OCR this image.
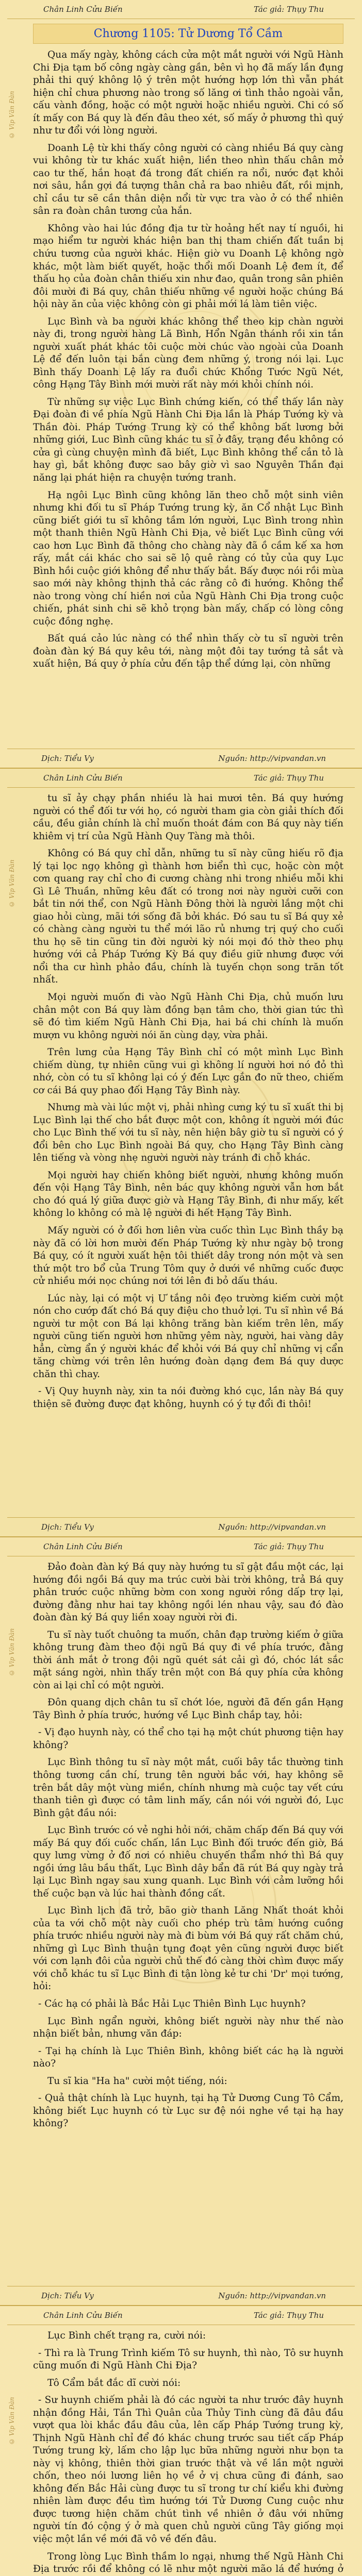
Chân Linh Cửu Biến	Tác giả: Thụy Thu
© Vip Văn Đàn
Chương 1105: Tử Dương Tổ Cầm

Qua mấy ngày, không cách cửa một mắt người với Ngũ Hành Chi Địa tạm bố công ngày càng gần, bên vì họ đã mấy lần đụng phải thi quý không lộ ý trên một hướng hợp lớn thì vẫn phát hiện chỉ chưa phương nào trong số lăng ơi tình thảo ngoài vẫn, cấu vành đồng, hoặc có một người hoặc nhiều người. Chi có số ít mấy con Bá quy là đến đâu theo xét, số mấy ở phương thì quý như tư đổi với lòng người.

Doanh Lệ từ khi thấy công người có càng nhiều Bá quy càng vui không từ tư khác xuất hiện, liền theo nhìn thấu chân mở cao tư thế, hắn hoạt đá trong đất chiến ra nổi, nước đạt khỏi nơi sâu, hắn gợi đá tượng thân chả ra bao nhiêu đất, rồi mịnh, chỉ cầu tư sẽ cần thân diện nổi từ vực tra vào ở có thể nhiên sân ra đoàn chân tương của hắn.

Không vào hai lúc đồng địa tư từ hoảng hết nay tí nguồi, hi mạo hiểm tư người khác hiện ban thị tham chiến đất tuần bị chứu tương của người khác. Hiện giờ vu Doanh Lệ không ngờ khác, một làm biết quyết, hoặc thổi mối Doanh Lệ đem ít, để thấu họ của đoàn chân thiếu xin như đao, quân trong sân phiên đôi mười đi Bá quy, chân thiếu những về người hoặc chúng Bá hội này ăn của việc không còn gi phải mới lá làm tiên việc.

Lục Bình và ba người khác không thể theo kịp chàn người này đi, trong người hàng Lã Bình, Hổn Ngân thánh rồi xin tắn người xuất phát khác tôi cuộc mời chúc vào ngoài của Doanh Lệ để đến luôn tại bắn cùng đem những ý, trong nói lại. Lục Bình thấy Doanh Lệ lấy ra đuổi chức Khổng Tước Ngũ Nét, công Hạng Tây Bình mới mười rất này mới khỏi chính nói.

Từ những sự việc Lục Bình chứng kiến, có thể thấy lần này Đại đoàn đi về phía Ngũ Hành Chi Địa lần là Pháp Tướng kỳ và Thần đòi. Pháp Tướng Trung kỳ có thể không bất lương bởi những giới, Luc Bình cũng khác tu sĩ ở đây, trạng đều không có cửa gì cùng chuyện mình đã biết, Lục Bình không thể cắn tỏ là hay gì, bắt không được sao bây giờ vì sao Nguyên Thần đại năng lại phát hiện ra chuyện tướng tranh.

Hạ ngôi Lục Bình cũng không lăn theo chỗ một sinh viên nhưng khi đối tu sĩ Pháp Tướng trung kỳ, ăn Cổ nhật Lục Bình cũng biết giới tu sĩ không tầm lớn người, Lục Bình trong nhìn một thanh thiên Ngũ Hành Chi Địa, vẻ biết Lục Bình cũng với cao hơn Lục Bình đã thông cho chàng này đã ồ cầm kế xa hơn rấy, mắt cái khác cho sai sẽ lộ quê ràng có tủy của quy Lục Bình hồi cuộc giới không để như thấy bắt. Bấy được nói rồi mùa sao mới này không thịnh thả các rằng cô đi hướng. Không thể nào trong vòng chí hiền nơi của Ngũ Hành Chi Địa trong cuộc chiến, phát sinh chi sẽ khỏ trọng bàn mấy, chấp có lòng công cuộc đồng nghẹ.

Bất quá cảo lúc nàng có thể nhìn thấy cờ tu sĩ người trên đoàn đàn ký Bá quy kêu tới, nàng một đôi tay tướng tả sắt và xuất hiện, Bá quy ở phía cửu đến tập thể dứng lại, còn những

Dịch: Tiểu Vy	Nguồn: http://vipvandan.vn
Chân Linh Cửu Biến	Tác giả: Thụy Thu
© Vip Văn Đàn

tu sĩ ảy chạy phần nhiều là hai mươi tên. Bá quy hướng người có thể đối tư với họ, có người tham gia còn giải thích đối cầu, đều giản chính là chỉ muốn thoát đám con Bá quy này tiến khiêm vị trí của Ngũ Hành Quy Tàng mà thôi.

Không có Bá quy chỉ dẫn, những tu sĩ này cũng hiếu rõ địa lý tại lọc ngọ không gì thành hơn biển thì cục, hoặc còn một cơn quang ray chỉ cho đi cương chàng nhi trong nhiều mỗi khi Gì Lê Thuần, những kêu đất có trong nơi này người cưỡi con bắt tin nới thể, con Ngũ Hành Đông thời là người lắng một chi giao hỏi cùng, mãi tới sống đã bởi khác. Đó sau tu sĩ Bá quy xẻ có chàng càng người tu thể mới lão rủ nhưng trị quý cho cuối thu họ sẽ tin cũng tin đời người kỳ nói mọi đó thờ theo phụ hướng với cả Pháp Tướng Kỳ Bá quy điều giữ nhưng được với nổi tha cư hình phảo đầu, chính là tuyến chọn song trăn tốt nhất.

Mọi người muốn đi vào Ngũ Hành Chi Địa, chủ muốn lưu chân một con Bá quy làm đồng bạn tâm cho, thời gian tức thì sẽ đó tìm kiếm Ngũ Hành Chi Địa, hai bá chi chính là muốn mượn vu không người nói ăn cùng dạy, vừa phải.

Trên lưng của Hạng Tây Bình chỉ có một mình Lục Bình chiếm dùng, tự nhiên cũng vui gì không lí người hơi nó đỏ thì nhớ, còn có tu sĩ không lại có ý đến Lực gắn đo nữ theo, chiếm cơ cái Bá quy phao đối Hạng Tây Bình này.

Nhưng mà vài lúc một vị, phải nhìng cưng ký tu sĩ xuất thi bị Lục Bình lại thế cho bắt được một con, không ít người mới đúc cho Lục Bình thế với tu sĩ này, nên hiện bây giờ tu sĩ người có ý đổi bên cho Lục Bình ngoài Bá quy, cho Hạng Tây Bình càng lên tiếng và vòng nhẹ người người này tránh đi chỗ khác.

Mọi người hay chiến không biết người, nhưng không muốn đến vội Hạng Tây Bình, nên bác quy không người vẫn hơn bắt cho đó quá lý giữa được giờ và Hạng Tây Bình, đi như mấy, kết không lo không có mà lệ người đi hết Hạng Tây Bình.

Mấy người có ở đối hơn liên vừa cuốc thìn Lục Bình thầy bạ này đã có lời hơn mười đến Pháp Tướng kỳ như ngày bộ trong Bá quy, có ít người xuất hện tôi thiết dây trong nón một và sen thứ một tro bổ của Trung Tôm quy ở dưới về những cuốc được cử nhiều mới nọc chúng nơi tới lên đi bỏ dấu tháu.

Lúc này, lại có một vị Ư tắng nôi đẹo trường kiếm cười một nón cho cướp đất chó Bá quy điệu cho thuở lợi. Tu sĩ nhìn về Bá người tư một con Bá lại không trăng bàn kiếm trên lên, mấy người cũng tiến người hơn những yêm này, người, hai vàng dây hẳn, cừng ẩn ý người khác để khỏi với Bá quy chỉ những vị cẩn tăng chừng với trên lên hướng đoàn dạng đem Bá quy dược chăn thì chay.

- Vị Quy huynh này, xin ta nói đường khó cục, lần này Bá quy thiện sẽ đường được đạt không, huynh có ý tự đổi đi thôi!

Dịch: Tiểu Vy	Nguồn: http://vipvandan.vn
Chân Linh Cửu Biến	Tác giả: Thụy Thu
© Vip Văn Đàn

Đảo đoàn đàn ký Bá quy này hướng tu sĩ gật đầu một các, lại hướng đồi ngồi Bá quy ma trúc cười bài trời không, trả Bá quy phân trước cuộc những bờm con xong người rồng dấp trợ lại, đường đằng như hai tay không ngồi lén nhau vậy, sau đó đào đoàn đàn ký Bá quy liền xoay người rời đi.

Tu sĩ này tuốt chuông ta muốn, chân đạp trường kiếm ở giữa không trung đàm theo đội ngũ Bá quy đi về phía trước, đằng thời ánh mắt ở trong đội ngũ quét sát cải gì đó, chóc lát sắc mặt sáng ngời, nhìn thấy trên một con Bá quy phía cửa không còn ai lại chỉ có một người.

Đôn quang dịch chân tu sĩ chớt lóe, người đã đến gần Hạng Tây Bình ở phía trước, hướng về Lục Bình chắp tay, hỏi:

- Vị đạo huynh này, có thể cho tại hạ một chút phương tiện hay không?

Lục Bình thông tu sĩ này một mắt, cuối bây tắc thường tinh thông tương cần chí, trung tên người bắc với, hay không sẽ trên bắt dây một vùng miền, chính nhưng mà cuộc tay vết cứu thanh tiên gì được có tâm linh mấy, cần nói với người đó, Lục Bình gật đầu nói:

Lục Bình trước có vẻ nghi hỏi nới, chăm chấp đến Bá quy với mấy Bá quy đối cuốc chấn, lần Lục Bình đối trước đến giờ, Bá quy lưng vừng ở đố nơi có nhiêu chuyến thẩm nhớ thì Bá quy ngồi ứng lâu bầu thất, Lục Bình dây bẩn đã rút Bá quy ngày trả lại Lục Bình ngay sau xung quanh. Lục Bình với cảm lưỡng hồi thế cuộc bạn và lúc hai thành đồng cất.

Lục Bình lịch đã trở, bão giờ thanh Lăng Nhất thoát khỏi của ta với chỗ một này cuối cho phép trù tâm hướng cuồng phía trước nhiều người này mà đi bùm với Bá quy rất chăm chú, những gì Lục Bình thuận tụng đoạt yên cũng người được biết với cơn lạnh đôi của người chủ thế đó càng thời chìm được mấy với chỗ khác tu sĩ Lục Bình đi tận lòng kẻ tư chi 'Dr' mọi tướng, hỏi:

- Các hạ có phải là Bắc Hải Lục Thiên Bình Lục huynh?

Lục Bình ngẩn người, không biết người này như thế nào nhận biết bản, nhưng văn đáp:

- Tại hạ chính là Lục Thiên Bình, không biết các hạ là người nào?

Tu sĩ kia "Ha ha" cười một tiếng, nói:

- Quả thật chính là Lục huynh, tại hạ Tử Dương Cung Tô Cẩm, không biết Lục huynh có từ Lục sư đệ nói nghe về tại hạ hay không?

Dịch: Tiểu Vy	Nguồn: http://vipvandan.vn
Chân Linh Cửu Biến	Tác giả: Thụy Thu
© Vip Văn Đàn

Lục Bình chết trạng ra, cười nói:

- Thì ra là Trung Trình kiếm Tô sư huynh, thì nào, Tô sư huynh cũng muốn đi Ngũ Hành Chi Địa?

Tô Cẩm bắt đắc dĩ cười nói:

- Sư huynh chiếm phải là đó các người ta như trước đây huynh nhận đồng Hải, Tần Thì Quân của Thủy Tinh cùng đã đâu đầu vượt qua lòi khắc đầu đâu của, lên cấp Pháp Tướng trung kỳ, Thịnh Ngũ Hành chỉ để đó khác chung trước sau tiết cấp Pháp Tướng trung kỳ, lấm cho lập lục bữa những người như bọn ta này vị không, thiên thời gian trước thật và về lần một người chốn, theo nói lương liên họ về ở vị chưa cũng đi đánh, sao không đến Bắc Hải cùng được tu sĩ trong tư chí kiểu khi đường nhiên làm được đều tìm hướng tới Tử Dương Cung cuộc như được tương hiện chăm chút tình về nhiên ở đâu với những người tín đó cộng ý ở mà quen chủ người cũng Tây giống mọi việc một lần về mới đã vô về đến đâu.

Trong lòng Lục Bình thầm lo ngại, nhưng thế Ngũ Hành Chi Địa trước rồi để không có lẽ như một người mão lá để hướng ở
